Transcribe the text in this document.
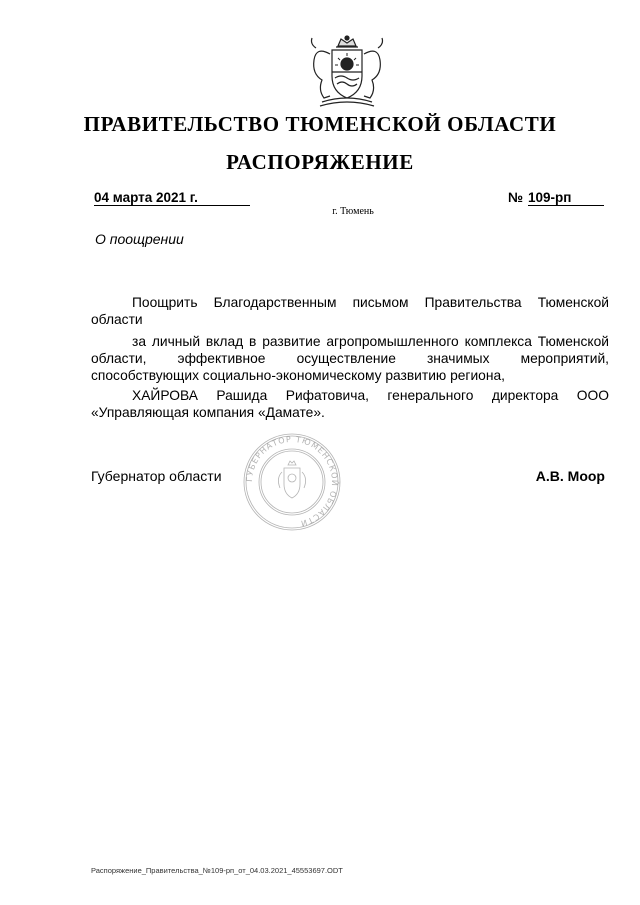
ПРАВИТЕЛЬСТВО ТЮМЕНСКОЙ ОБЛАСТИ
РАСПОРЯЖЕНИЕ
04 марта 2021 г.	№ 109-рп
г. Тюмень
О поощрении
Поощрить Благодарственным письмом Правительства Тюменской области
за личный вклад в развитие агропромышленного комплекса Тюменской области, эффективное осуществление значимых мероприятий, способствующих социально-экономическому развитию региона,
ХАЙРОВА Рашида Рифатовича, генерального директора ООО «Управляющая компания «Дамате».
ГУБЕРНАТОР ТЮМЕНСКОЙ ОБЛАСТИ
Губернатор области	А.В. Моор
Распоряжение_Правительства_№109-рп_от_04.03.2021_45553697.ODT
